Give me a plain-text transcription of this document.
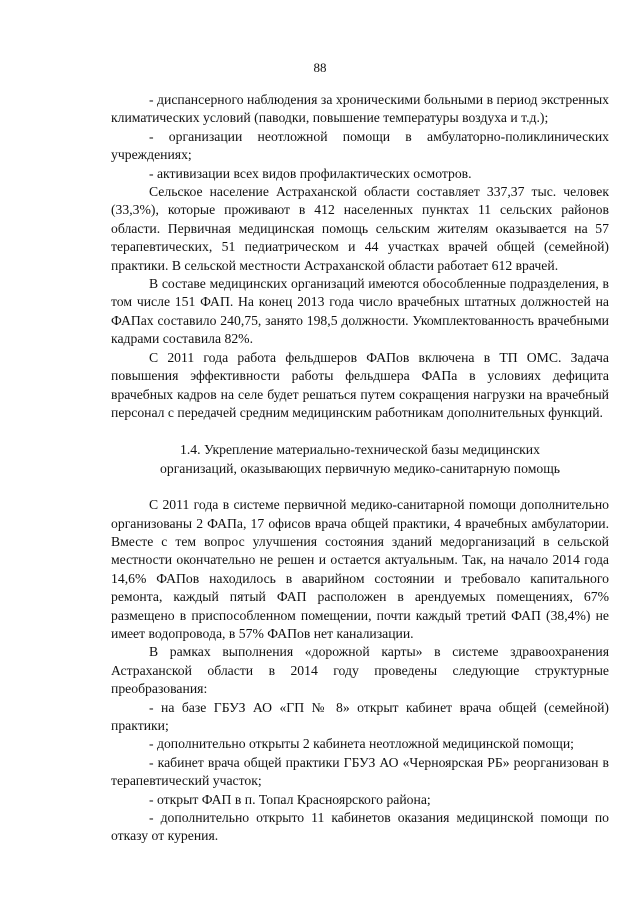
88

- диспансерного наблюдения за хроническими больными в период экстренных климатических условий (паводки, повышение температуры воздуха и т.д.);

- организации неотложной помощи в амбулаторно-поликлинических учреждениях;

- активизации всех видов профилактических осмотров.

Сельское население Астраханской области составляет 337,37 тыс. человек (33,3%), которые проживают в 412 населенных пунктах 11 сельских районов области. Первичная медицинская помощь сельским жителям оказывается на 57 терапевтических, 51 педиатрическом и 44 участках врачей общей (семейной) практики. В сельской местности Астраханской области работает 612 врачей.

В составе медицинских организаций имеются обособленные подразделения, в том числе 151 ФАП. На конец 2013 года число врачебных штатных должностей на ФАПах составило 240,75, занято 198,5 должности. Укомплектованность врачебными кадрами составила 82%.

С 2011 года работа фельдшеров ФАПов включена в ТП ОМС. Задача повышения эффективности работы фельдшера ФАПа в условиях дефицита врачебных кадров на селе будет решаться путем сокращения нагрузки на врачебный персонал с передачей средним медицинским работникам дополнительных функций.

1.4. Укрепление материально-технической базы медицинских
организаций, оказывающих первичную медико-санитарную помощь

С 2011 года в системе первичной медико-санитарной помощи дополнительно организованы 2 ФАПа, 17 офисов врача общей практики, 4 врачебных амбулатории. Вместе с тем вопрос улучшения состояния зданий медорганизаций в сельской местности окончательно не решен и остается актуальным. Так, на начало 2014 года 14,6% ФАПов находилось в аварийном состоянии и требовало капитального ремонта, каждый пятый ФАП расположен в арендуемых помещениях, 67% размещено в приспособленном помещении, почти каждый третий ФАП (38,4%) не имеет водопровода, в 57% ФАПов нет канализации.

В рамках выполнения «дорожной карты» в системе здравоохранения Астраханской области в 2014 году проведены следующие структурные преобразования:

- на базе ГБУЗ АО «ГП № 8» открыт кабинет врача общей (семейной) практики;

- дополнительно открыты 2 кабинета неотложной медицинской помощи;

- кабинет врача общей практики ГБУЗ АО «Черноярская РБ» реорганизован в терапевтический участок;

- открыт ФАП в п. Топал Красноярского района;

- дополнительно открыто 11 кабинетов оказания медицинской помощи по отказу от курения.
